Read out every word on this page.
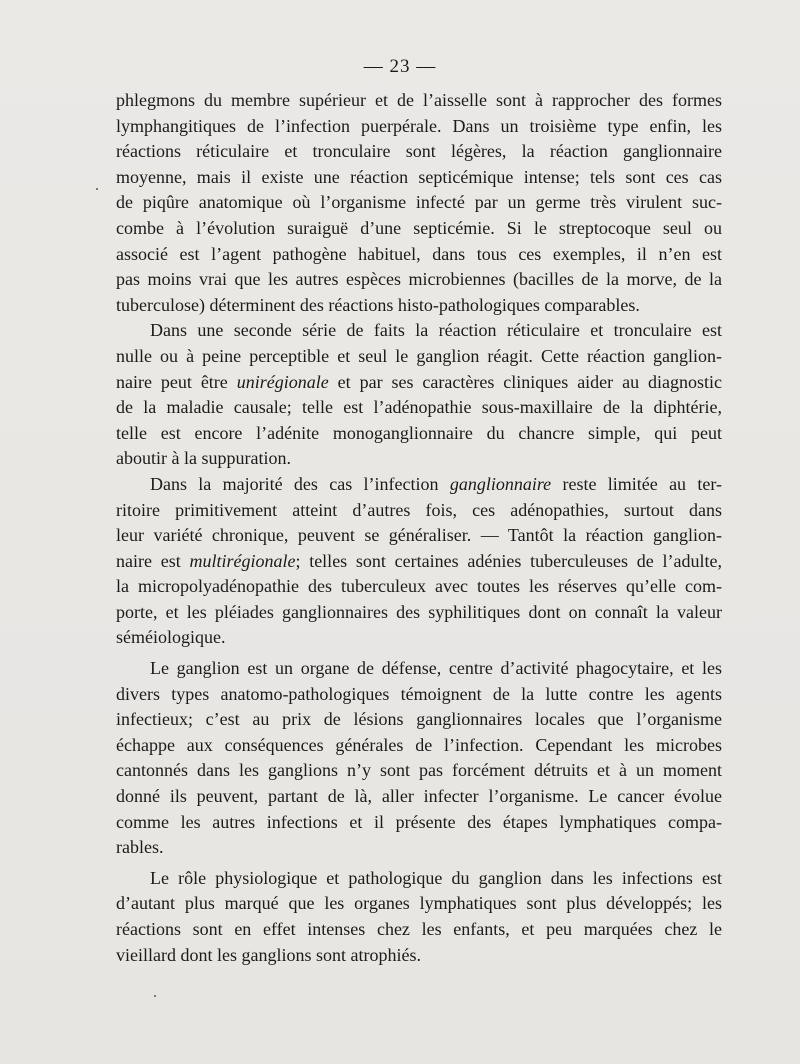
— 23 —
phlegmons du membre supérieur et de l’aisselle sont à rapprocher des formes
lymphangitiques de l’infection puerpérale. Dans un troisième type enfin, les
réactions réticulaire et tronculaire sont légères, la réaction ganglionnaire
moyenne, mais il existe une réaction septicémique intense; tels sont ces cas
de piqûre anatomique où l’organisme infecté par un germe très virulent suc-
combe à l’évolution suraiguë d’une septicémie. Si le streptocoque seul ou
associé est l’agent pathogène habituel, dans tous ces exemples, il n’en est
pas moins vrai que les autres espèces microbiennes (bacilles de la morve, de la
tuberculose) déterminent des réactions histo-pathologiques comparables.
Dans une seconde série de faits la réaction réticulaire et tronculaire est
nulle ou à peine perceptible et seul le ganglion réagit. Cette réaction ganglion-
naire peut être unirégionale et par ses caractères cliniques aider au diagnostic
de la maladie causale; telle est l’adénopathie sous-maxillaire de la diphtérie,
telle est encore l’adénite monoganglionnaire du chancre simple, qui peut
aboutir à la suppuration.
Dans la majorité des cas l’infection ganglionnaire reste limitée au ter-
ritoire primitivement atteint d’autres fois, ces adénopathies, surtout dans
leur variété chronique, peuvent se généraliser. — Tantôt la réaction ganglion-
naire est multirégionale; telles sont certaines adénies tuberculeuses de l’adulte,
la micropolyadénopathie des tuberculeux avec toutes les réserves qu’elle com-
porte, et les pléiades ganglionnaires des syphilitiques dont on connaît la valeur
séméiologique.
Le ganglion est un organe de défense, centre d’activité phagocytaire, et les
divers types anatomo-pathologiques témoignent de la lutte contre les agents
infectieux; c’est au prix de lésions ganglionnaires locales que l’organisme
échappe aux conséquences générales de l’infection. Cependant les microbes
cantonnés dans les ganglions n’y sont pas forcément détruits et à un moment
donné ils peuvent, partant de là, aller infecter l’organisme. Le cancer évolue
comme les autres infections et il présente des étapes lymphatiques compa-
rables.
Le rôle physiologique et pathologique du ganglion dans les infections est
d’autant plus marqué que les organes lymphatiques sont plus développés; les
réactions sont en effet intenses chez les enfants, et peu marquées chez le
vieillard dont les ganglions sont atrophiés.
